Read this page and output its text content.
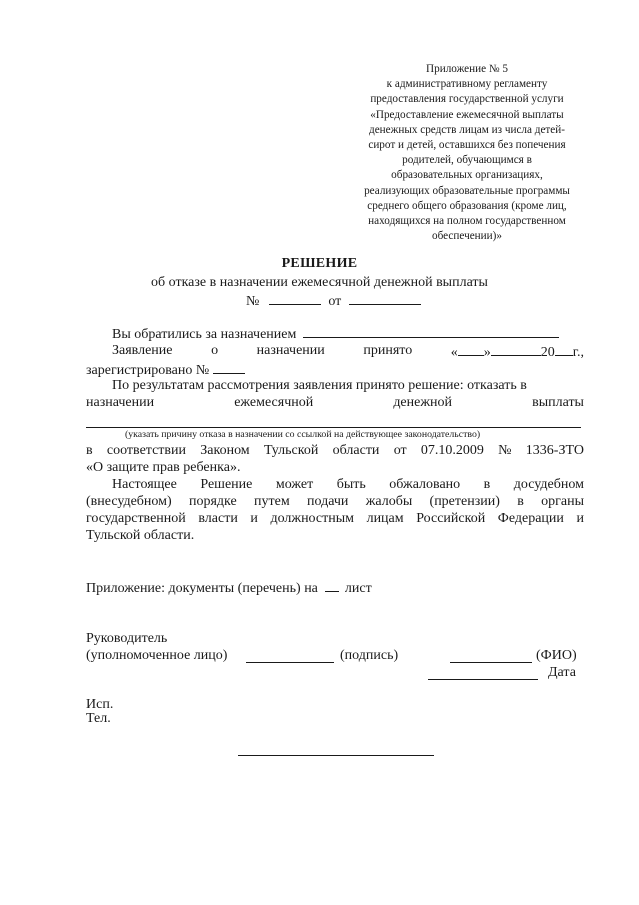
Приложение № 5
к административному регламенту
предоставления государственной услуги
«Предоставление ежемесячной выплаты
денежных средств лицам из числа детей-
сирот и детей, оставшихся без попечения
родителей, обучающимся в
образовательных организациях,
реализующих образовательные программы
среднего общего образования (кроме лиц,
находящихся на полном государственном
обеспечении)»
РЕШЕНИЕ
об отказе в назначении ежемесячной денежной выплаты
№	от
Вы обратились за назначением
Заявление	о	назначении	принято	« »	20 г.,
зарегистрировано №
По результатам рассмотрения заявления принято решение: отказать в
назначении	ежемесячной	денежной	выплаты
(указать причину отказа в назначении со ссылкой на действующее законодательство)
в соответствии Законом Тульской области от 07.10.2009 № 1336-ЗТО
«О защите прав ребенка».
Настоящее Решение может быть обжаловано в досудебном
(внесудебном) порядке путем подачи жалобы (претензии) в органы
государственной власти и должностным лицам Российской Федерации и
Тульской области.
Приложение: документы (перечень) на лист
Руководитель
(уполномоченное лицо)	(подпись)	(ФИО)
Дата
Исп.
Тел.
